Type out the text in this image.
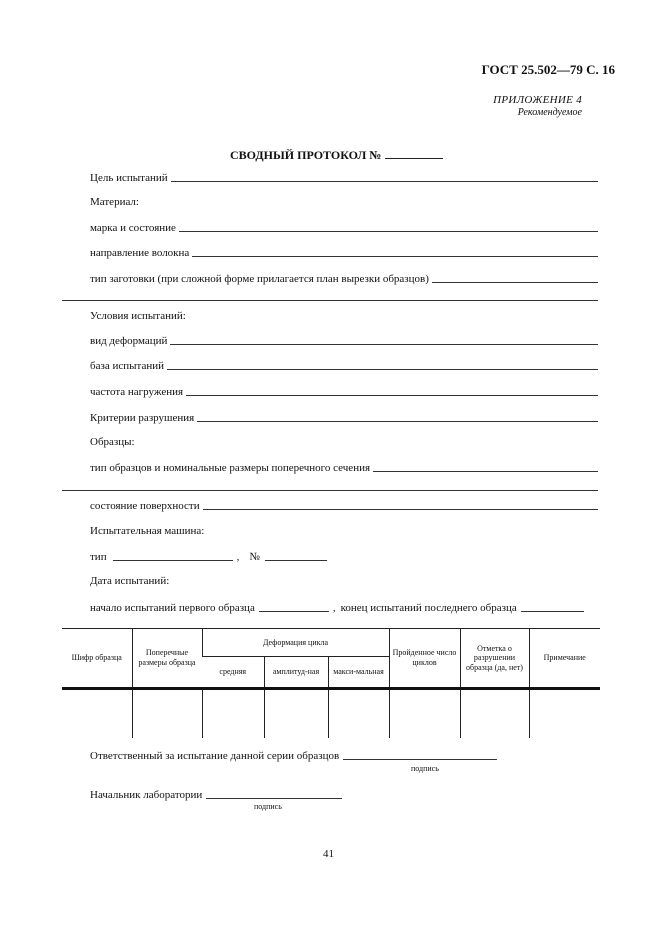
ГОСТ 25.502—79 С. 16
ПРИЛОЖЕНИЕ 4
Рекомендуемое
СВОДНЫЙ ПРОТОКОЛ №
Цель испытаний
Материал:
марка и состояние
направление волокна
тип заготовки (при сложной форме прилагается план вырезки образцов)
Условия испытаний:
вид деформаций
база испытаний
частота нагружения
Критерии разрушения
Образцы:
тип образцов и номинальные размеры поперечного сечения
состояние поверхности
Испытательная машина:
тип	, №
Дата испытаний:
начало испытаний первого образца	, конец испытаний последнего образца
Шифр образца	Поперечные размеры образца	Деформация цикла			Пройденное число циклов	Отметка о разрушении образца (да, нет)	Примечание
		средняя	амплитуд-ная	макси-мальная			

Ответственный за испытание данной серии образцов
подпись
Начальник лаборатории
подпись
41
